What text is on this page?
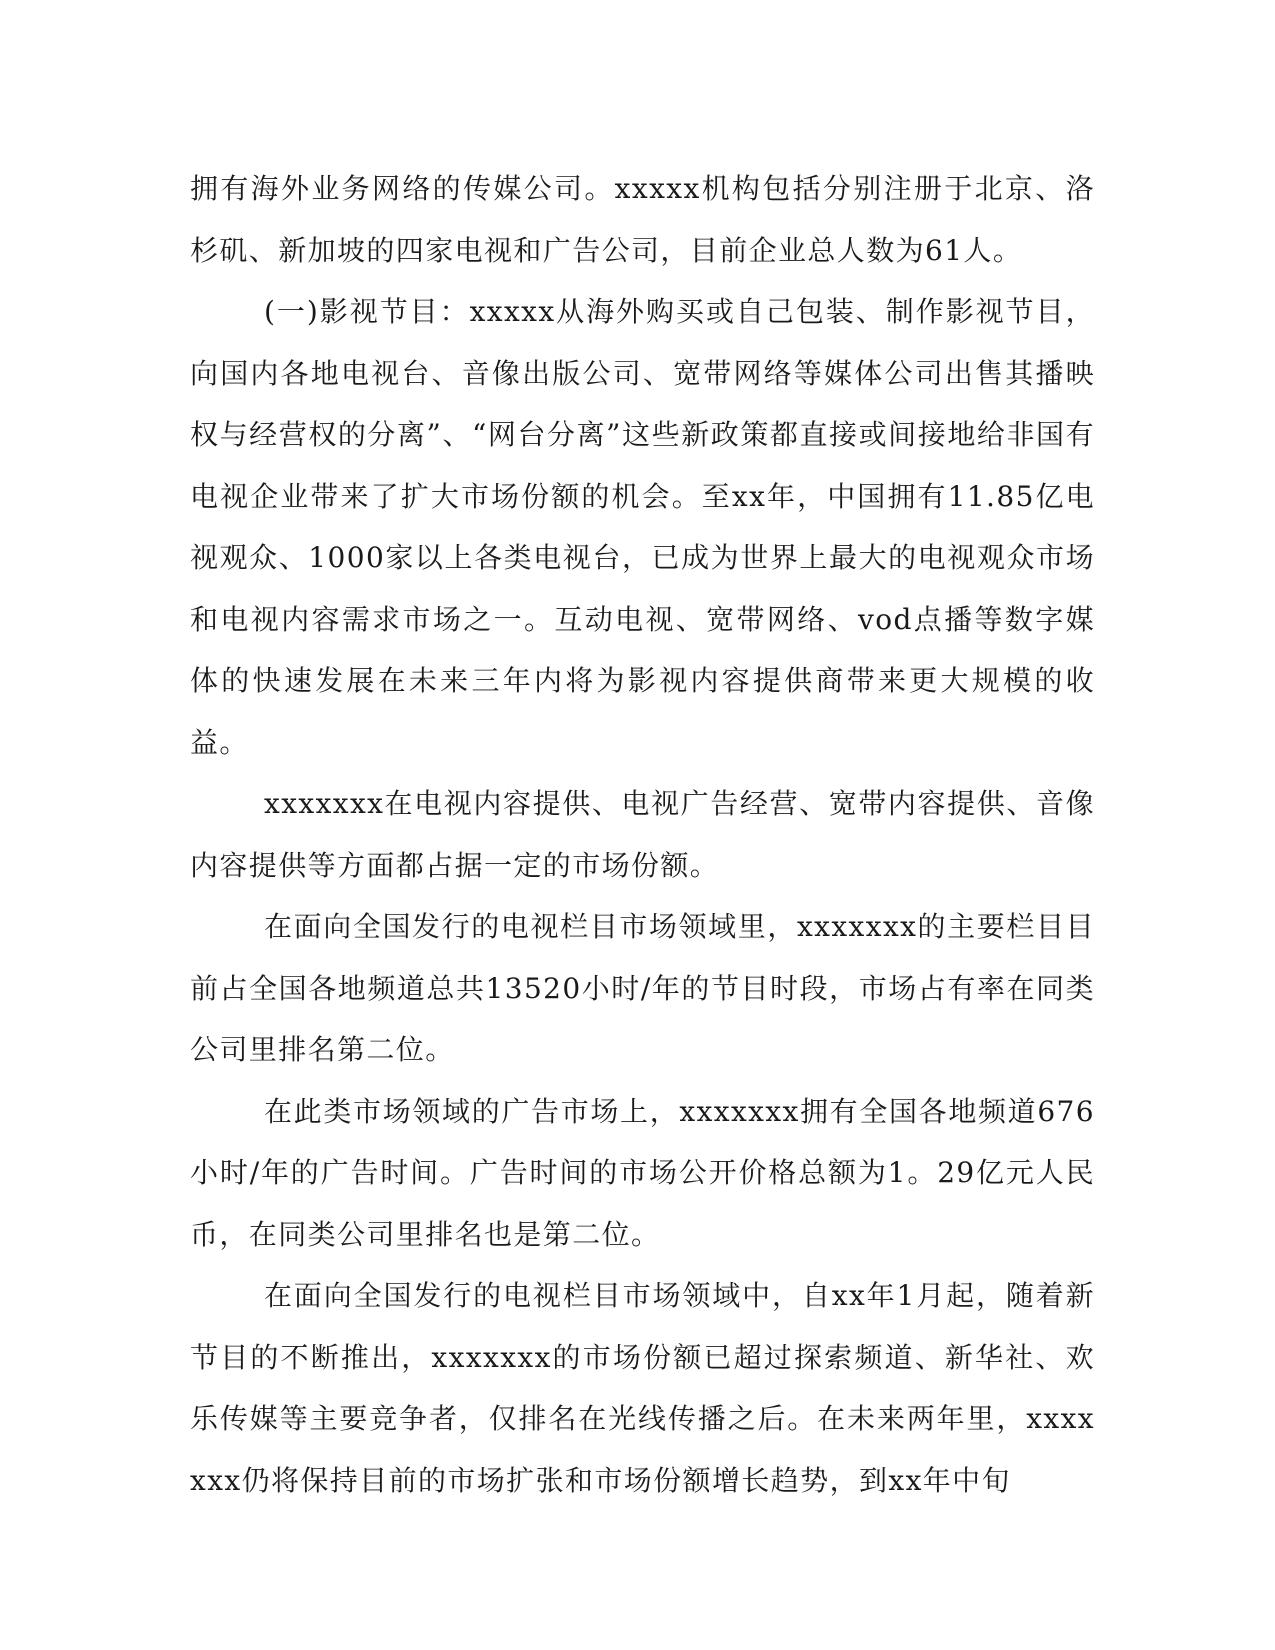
拥有海外业务网络的传媒公司。xxxxx机构包括分别注册于北京、洛杉矶、新加坡的四家电视和广告公司，目前企业总人数为61人。

(一)影视节目：xxxxx从海外购买或自己包装、制作影视节目，向国内各地电视台、音像出版公司、宽带网络等媒体公司出售其播映权与经营权的分离”、“网台分离”这些新政策都直接或间接地给非国有电视企业带来了扩大市场份额的机会。至xx年，中国拥有11.85亿电视观众、1000家以上各类电视台，已成为世界上最大的电视观众市场和电视内容需求市场之一。互动电视、宽带网络、vod点播等数字媒体的快速发展在未来三年内将为影视内容提供商带来更大规模的收益。

xxxxxxx在电视内容提供、电视广告经营、宽带内容提供、音像内容提供等方面都占据一定的市场份额。

在面向全国发行的电视栏目市场领域里，xxxxxxx的主要栏目目前占全国各地频道总共13520小时/年的节目时段，市场占有率在同类公司里排名第二位。

在此类市场领域的广告市场上，xxxxxxx拥有全国各地频道676小时/年的广告时间。广告时间的市场公开价格总额为1。29亿元人民币，在同类公司里排名也是第二位。

在面向全国发行的电视栏目市场领域中，自xx年1月起，随着新节目的不断推出，xxxxxxx的市场份额已超过探索频道、新华社、欢乐传媒等主要竞争者，仅排名在光线传播之后。在未来两年里，xxxxxxx仍将保持目前的市场扩张和市场份额增长趋势，到xx年中旬
